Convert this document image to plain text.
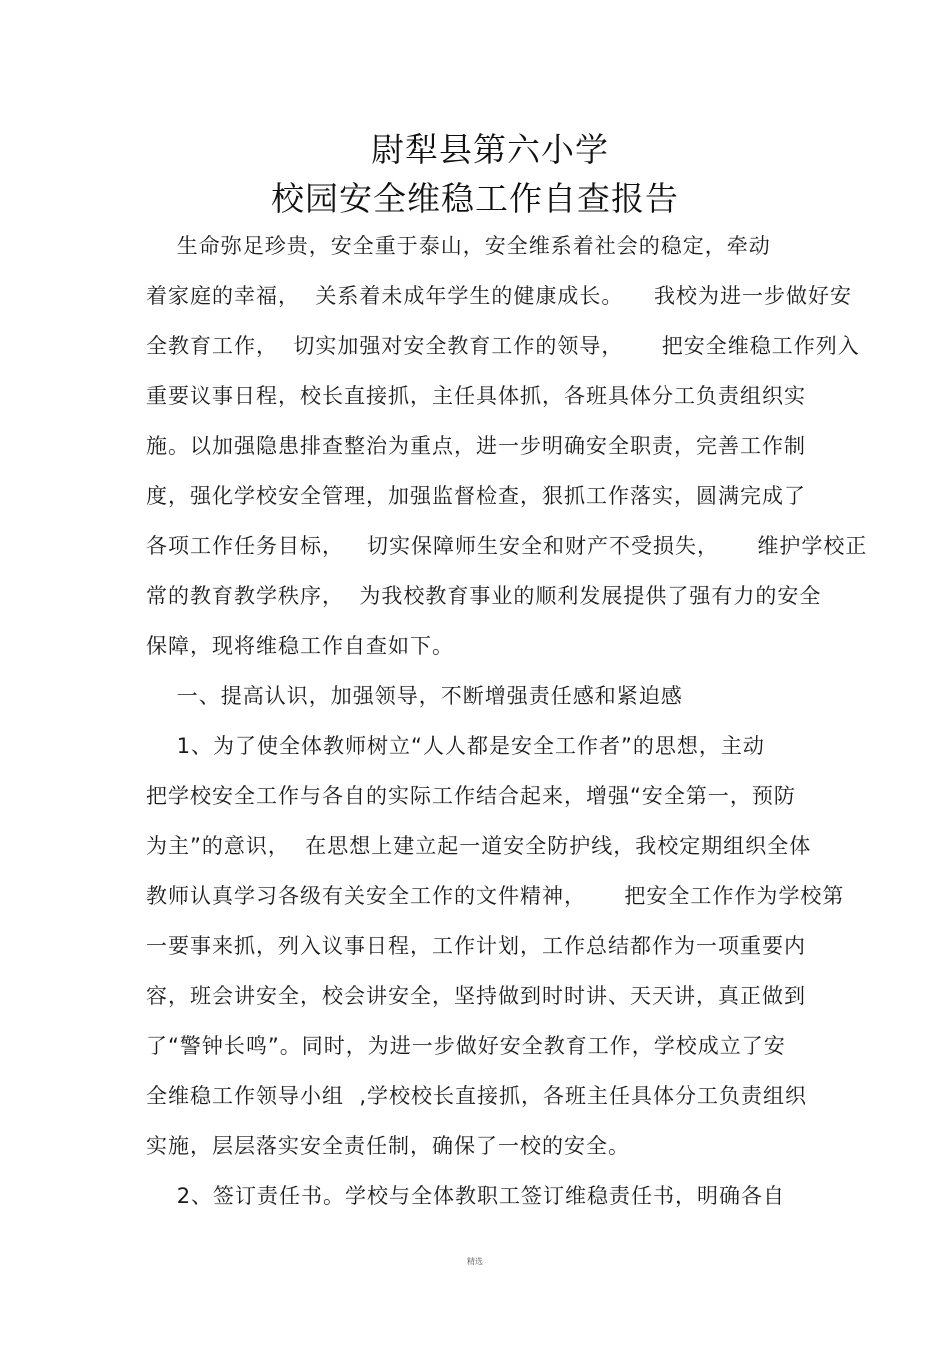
尉犁县第六小学
校园安全维稳工作自查报告
生命弥足珍贵，安全重于泰山，安全维系着社会的稳定，牵动
着家庭的幸福，  关系着未成年学生的健康成长。    我校为进一步做好安
全教育工作，  切实加强对安全教育工作的领导，     把安全维稳工作列入
重要议事日程，校长直接抓，主任具体抓，各班具体分工负责组织实
施。以加强隐患排查整治为重点，进一步明确安全职责，完善工作制
度，强化学校安全管理，加强监督检查，狠抓工作落实，圆满完成了
各项工作任务目标，   切实保障师生安全和财产不受损失，     维护学校正
常的教育教学秩序，  为我校教育事业的顺利发展提供了强有力的安全
保障，现将维稳工作自查如下。
一、提高认识，加强领导，不断增强责任感和紧迫感
1、为了使全体教师树立“人人都是安全工作者”的思想，主动
把学校安全工作与各自的实际工作结合起来，增强“安全第一，预防
为主”的意识，  在思想上建立起一道安全防护线，我校定期组织全体
教师认真学习各级有关安全工作的文件精神，     把安全工作作为学校第
一要事来抓，列入议事日程，工作计划，工作总结都作为一项重要内
容，班会讲安全，校会讲安全，坚持做到时时讲、天天讲，真正做到
了“警钟长鸣”。同时，为进一步做好安全教育工作，学校成立了安
全维稳工作领导小组  ,学校校长直接抓，各班主任具体分工负责组织
实施，层层落实安全责任制，确保了一校的安全。
2、签订责任书。学校与全体教职工签订维稳责任书，明确各自
精选
